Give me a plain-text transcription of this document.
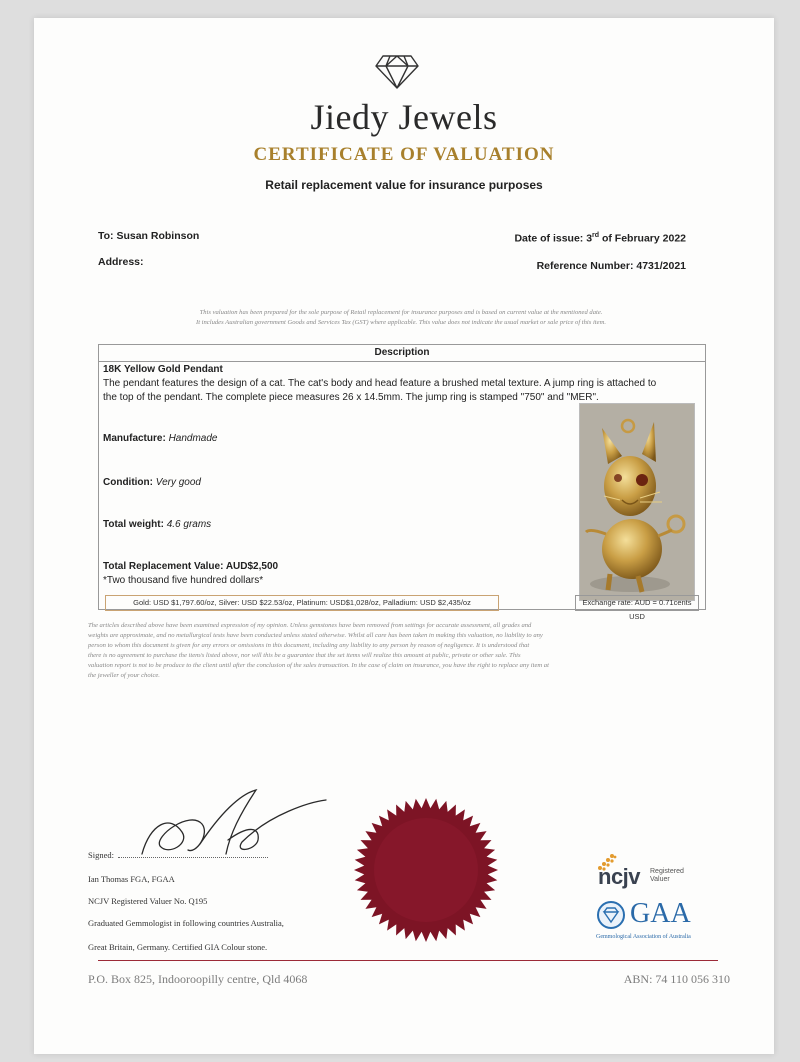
Jiedy Jewels
CERTIFICATE OF VALUATION
Retail replacement value for insurance purposes
To: Susan Robinson
Address:
Date of issue: 3rd of February 2022
Reference Number: 4731/2021
This valuation has been prepared for the sole purpose of Retail replacement for insurance purposes and is based on current value at the mentioned date.
It includes Australian government Goods and Services Tax (GST) where applicable. This value does not indicate the usual market or sale price of this item.
Description
18K Yellow Gold Pendant
The pendant features the design of a cat. The cat's body and head feature a brushed metal texture. A jump ring is attached to
the top of the pendant. The complete piece measures 26 x 14.5mm. The jump ring is stamped "750" and "MER".
Manufacture: Handmade
Condition: Very good
Total weight: 4.6 grams
Total Replacement Value: AUD$2,500
*Two thousand five hundred dollars*
Gold: USD $1,797.60/oz, Silver: USD $22.53/oz, Platinum: USD$1,028/oz, Palladium: USD $2,435/oz	Exchange rate: AUD = 0.71cents USD
The articles described above have been examined expression of my opinion. Unless gemstones have been removed from settings for accurate assessment, all grades and
weights are approximate, and no metallurgical tests have been conducted unless stated otherwise. Whilst all care has been taken in making this valuation, no liability to any
person to whom this document is given for any errors or omissions in this document, including any liability to any person by reason of negligence. It is understood that
there is no agreement to purchase the item/s listed above, nor will this be a guarantee that the set items will realize this amount at public, private or other sale. This
valuation report is not to be produce to the client until after the conclusion of the sales transaction. In the case of claim on insurance, you have the right to replace any item at
the jeweller of your choice.
Signed:
Ian Thomas FGA, FGAA
NCJV Registered Valuer No. Q195
Graduated Gemmologist in following countries Australia,
Great Britain, Germany. Certified GIA Colour stone.
ncjv Registered
Valuer
GAA
Gemmological Association of Australia
P.O. Box 825, Indooroopilly centre, Qld 4068	ABN: 74 110 056 310
